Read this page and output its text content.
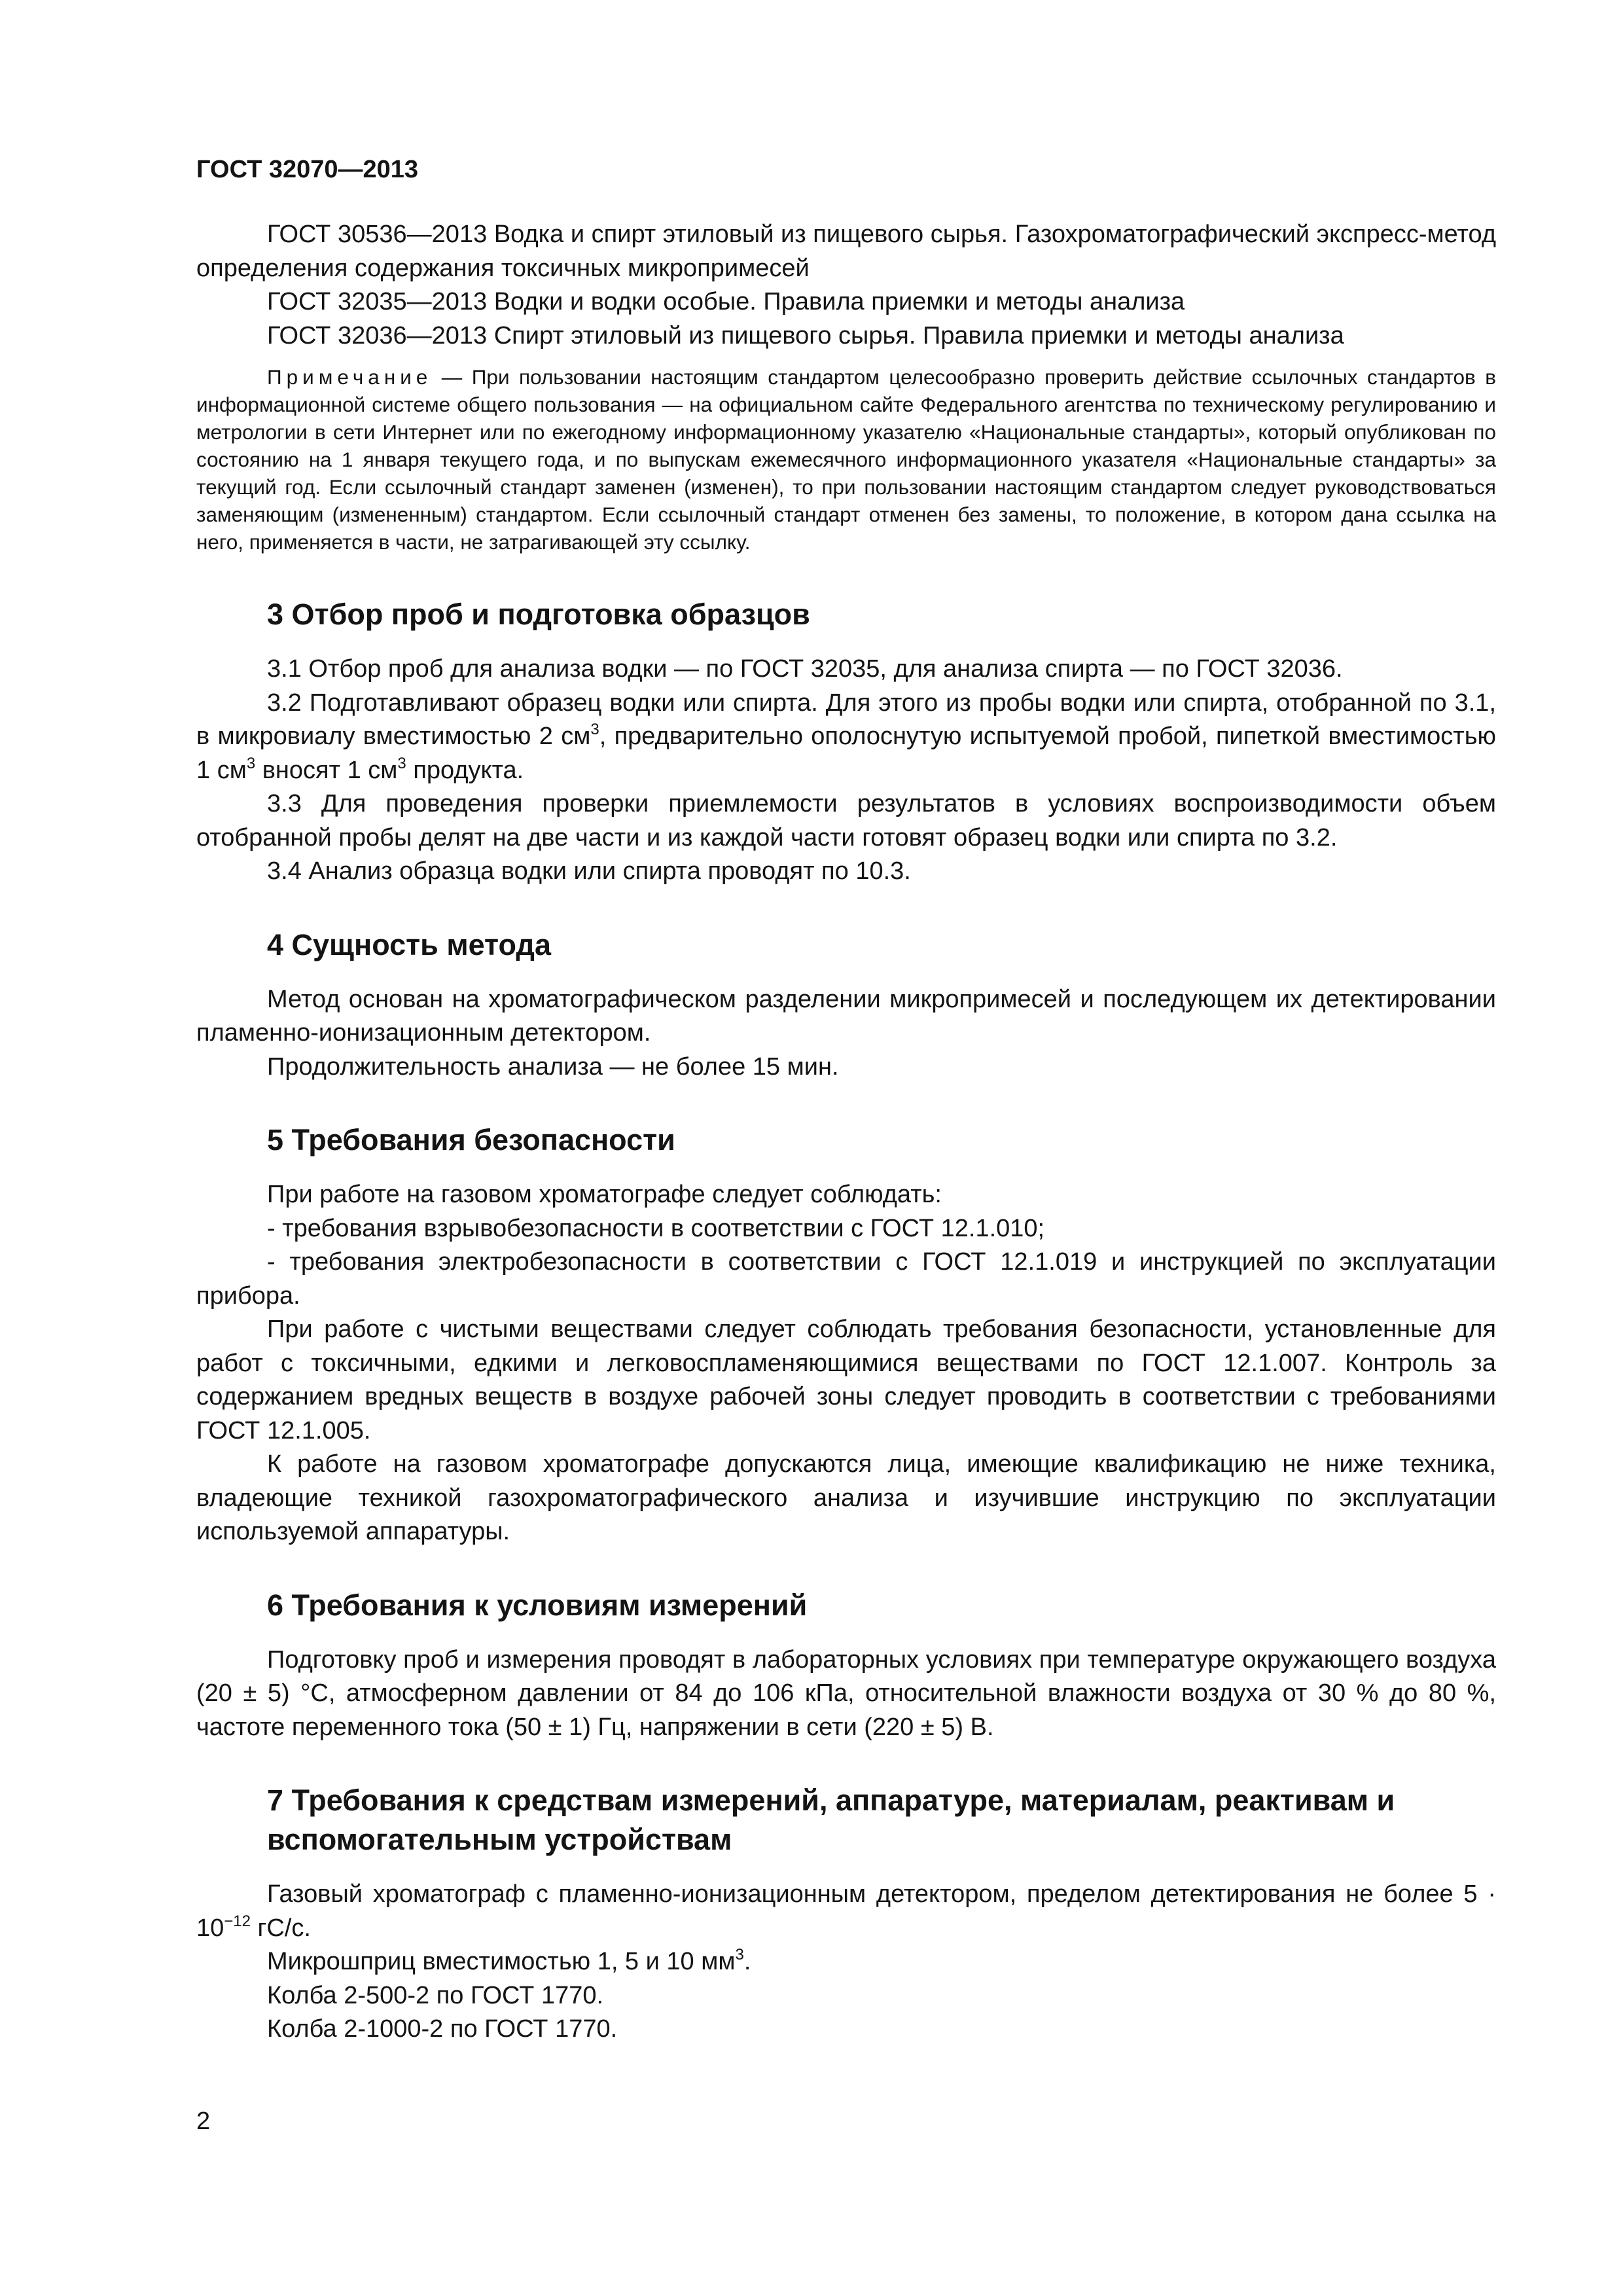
ГОСТ 32070—2013

ГОСТ 30536—2013 Водка и спирт этиловый из пищевого сырья. Газохроматографический экспресс-метод определения содержания токсичных микропримесей

ГОСТ 32035—2013 Водки и водки особые. Правила приемки и методы анализа

ГОСТ 32036—2013 Спирт этиловый из пищевого сырья. Правила приемки и методы анализа

Примечание — При пользовании настоящим стандартом целесообразно проверить действие ссылочных стандартов в информационной системе общего пользования — на официальном сайте Федерального агентства по техническому регулированию и метрологии в сети Интернет или по ежегодному информационному указателю «Национальные стандарты», который опубликован по состоянию на 1 января текущего года, и по выпускам ежемесячного информационного указателя «Национальные стандарты» за текущий год. Если ссылочный стандарт заменен (изменен), то при пользовании настоящим стандартом следует руководствоваться заменяющим (измененным) стандартом. Если ссылочный стандарт отменен без замены, то положение, в котором дана ссылка на него, применяется в части, не затрагивающей эту ссылку.
3 Отбор проб и подготовка образцов

3.1 Отбор проб для анализа водки — по ГОСТ 32035, для анализа спирта — по ГОСТ 32036.

3.2 Подготавливают образец водки или спирта. Для этого из пробы водки или спирта, отобранной по 3.1, в микровиалу вместимостью 2 $см^3$, предварительно ополоснутую испытуемой пробой, пипеткой вместимостью 1 $см^3$ вносят 1 $см^3$ продукта.

3.3 Для проведения проверки приемлемости результатов в условиях воспроизводимости объем отобранной пробы делят на две части и из каждой части готовят образец водки или спирта по 3.2.

3.4 Анализ образца водки или спирта проводят по 10.3.

4 Сущность метода

Метод основан на хроматографическом разделении микропримесей и последующем их детектировании пламенно-ионизационным детектором.

Продолжительность анализа — не более 15 мин.

5 Требования безопасности

При работе на газовом хроматографе следует соблюдать:

- требования взрывобезопасности в соответствии с ГОСТ 12.1.010;

- требования электробезопасности в соответствии с ГОСТ 12.1.019 и инструкцией по эксплуатации прибора.

При работе с чистыми веществами следует соблюдать требования безопасности, установленные для работ с токсичными, едкими и легковоспламеняющимися веществами по ГОСТ 12.1.007. Контроль за содержанием вредных веществ в воздухе рабочей зоны следует проводить в соответствии с требованиями ГОСТ 12.1.005.

К работе на газовом хроматографе допускаются лица, имеющие квалификацию не ниже техника, владеющие техникой газохроматографического анализа и изучившие инструкцию по эксплуатации используемой аппаратуры.

6 Требования к условиям измерений

Подготовку проб и измерения проводят в лабораторных условиях при температуре окружающего воздуха (20 ± 5) °С, атмосферном давлении от 84 до 106 кПа, относительной влажности воздуха от 30 % до 80 %, частоте переменного тока (50 ± 1) Гц, напряжении в сети (220 ± 5) В.

7 Требования к средствам измерений, аппаратуре, материалам, реактивам и вспомогательным устройствам

Газовый хроматограф с пламенно-ионизационным детектором, пределом детектирования не более $5 \cdot 10^{-12}$ гС/с.

Микрошприц вместимостью 1, 5 и 10 $мм^3$.

Колба 2-500-2 по ГОСТ 1770.

Колба 2-1000-2 по ГОСТ 1770.

2
